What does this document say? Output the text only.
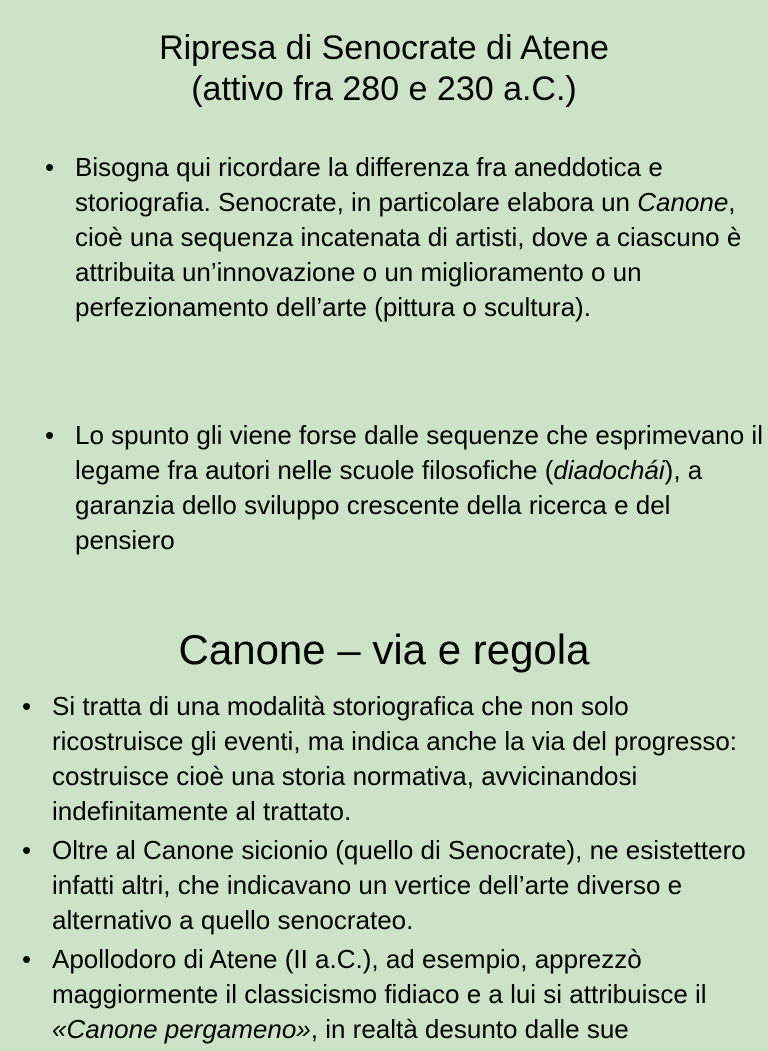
Ripresa di Senocrate di Atene
(attivo fra 280 e 230 a.C.)
• Bisogna qui ricordare la differenza fra aneddotica e storiografia. Senocrate, in particolare elabora un Canone, cioè una sequenza incatenata di artisti, dove a ciascuno è attribuita un’innovazione o un miglioramento o un perfezionamento dell’arte (pittura o scultura).
• Lo spunto gli viene forse dalle sequenze che esprimevano il legame fra autori nelle scuole filosofiche (diadochái), a garanzia dello sviluppo crescente della ricerca e del pensiero
Canone – via e regola
• Si tratta di una modalità storiografica che non solo ricostruisce gli eventi, ma indica anche la via del progresso: costruisce cioè una storia normativa, avvicinandosi indefinitamente al trattato.
• Oltre al Canone sicionio (quello di Senocrate), ne esistettero infatti altri, che indicavano un vertice dell’arte diverso e alternativo a quello senocrateo.
• Apollodoro di Atene (II a.C.), ad esempio, apprezzò maggiormente il classicismo fidiaco e a lui si attribuisce il «Canone pergameno», in realtà desunto dalle sue
